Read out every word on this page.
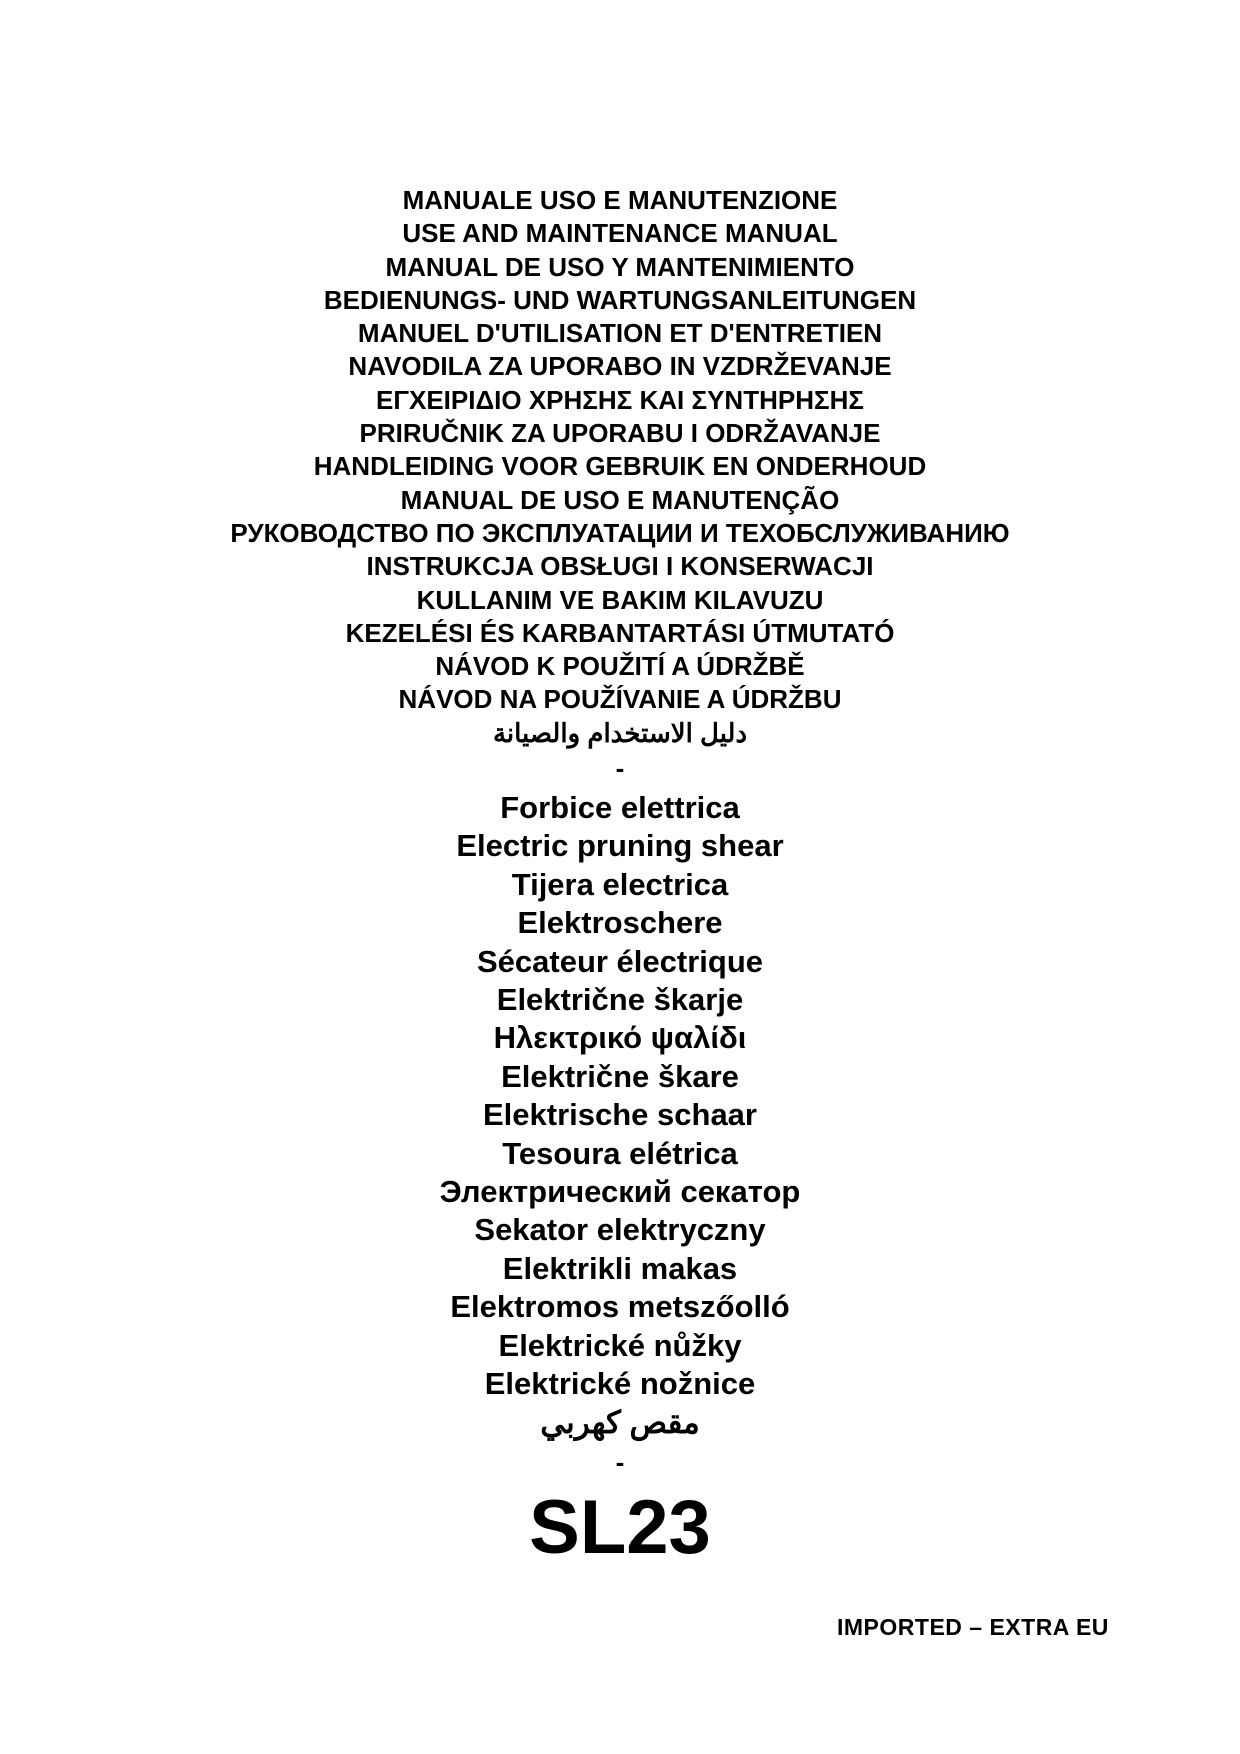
MANUALE USO E MANUTENZIONE
USE AND MAINTENANCE MANUAL
MANUAL DE USO Y MANTENIMIENTO
BEDIENUNGS- UND WARTUNGSANLEITUNGEN
MANUEL D'UTILISATION ET D'ENTRETIEN
NAVODILA ZA UPORABO IN VZDRŽEVANJE
ΕΓΧΕΙΡΙΔΙΟ ΧΡΗΣΗΣ ΚΑΙ ΣΥΝΤΗΡΗΣΗΣ
PRIRUČNIK ZA UPORABU I ODRŽAVANJE
HANDLEIDING VOOR GEBRUIK EN ONDERHOUD
MANUAL DE USO E MANUTENÇÃO
РУКОВОДСТВО ПО ЭКСПЛУАТАЦИИ И ТЕХОБСЛУЖИВАНИЮ
INSTRUKCJA OBSŁUGI I KONSERWACJI
KULLANIM VE BAKIM KILAVUZU
KEZELÉSI ÉS KARBANTARTÁSI ÚTMUTATÓ
NÁVOD K POUŽITÍ A ÚDRŽBĚ
NÁVOD NA POUŽÍVANIE A ÚDRŽBU
دليل الاستخدام والصيانة
-
Forbice elettrica
Electric pruning shear
Tijera electrica
Elektroschere
Sécateur électrique
Električne škarje
Ηλεκτρικό ψαλίδι
Električne škare
Elektrische schaar
Tesoura elétrica
Электрический секатор
Sekator elektryczny
Elektrikli makas
Elektromos metszőolló
Elektrické nůžky
Elektrické nožnice
مقص كهربي
-
SL23
IMPORTED – EXTRA EU
